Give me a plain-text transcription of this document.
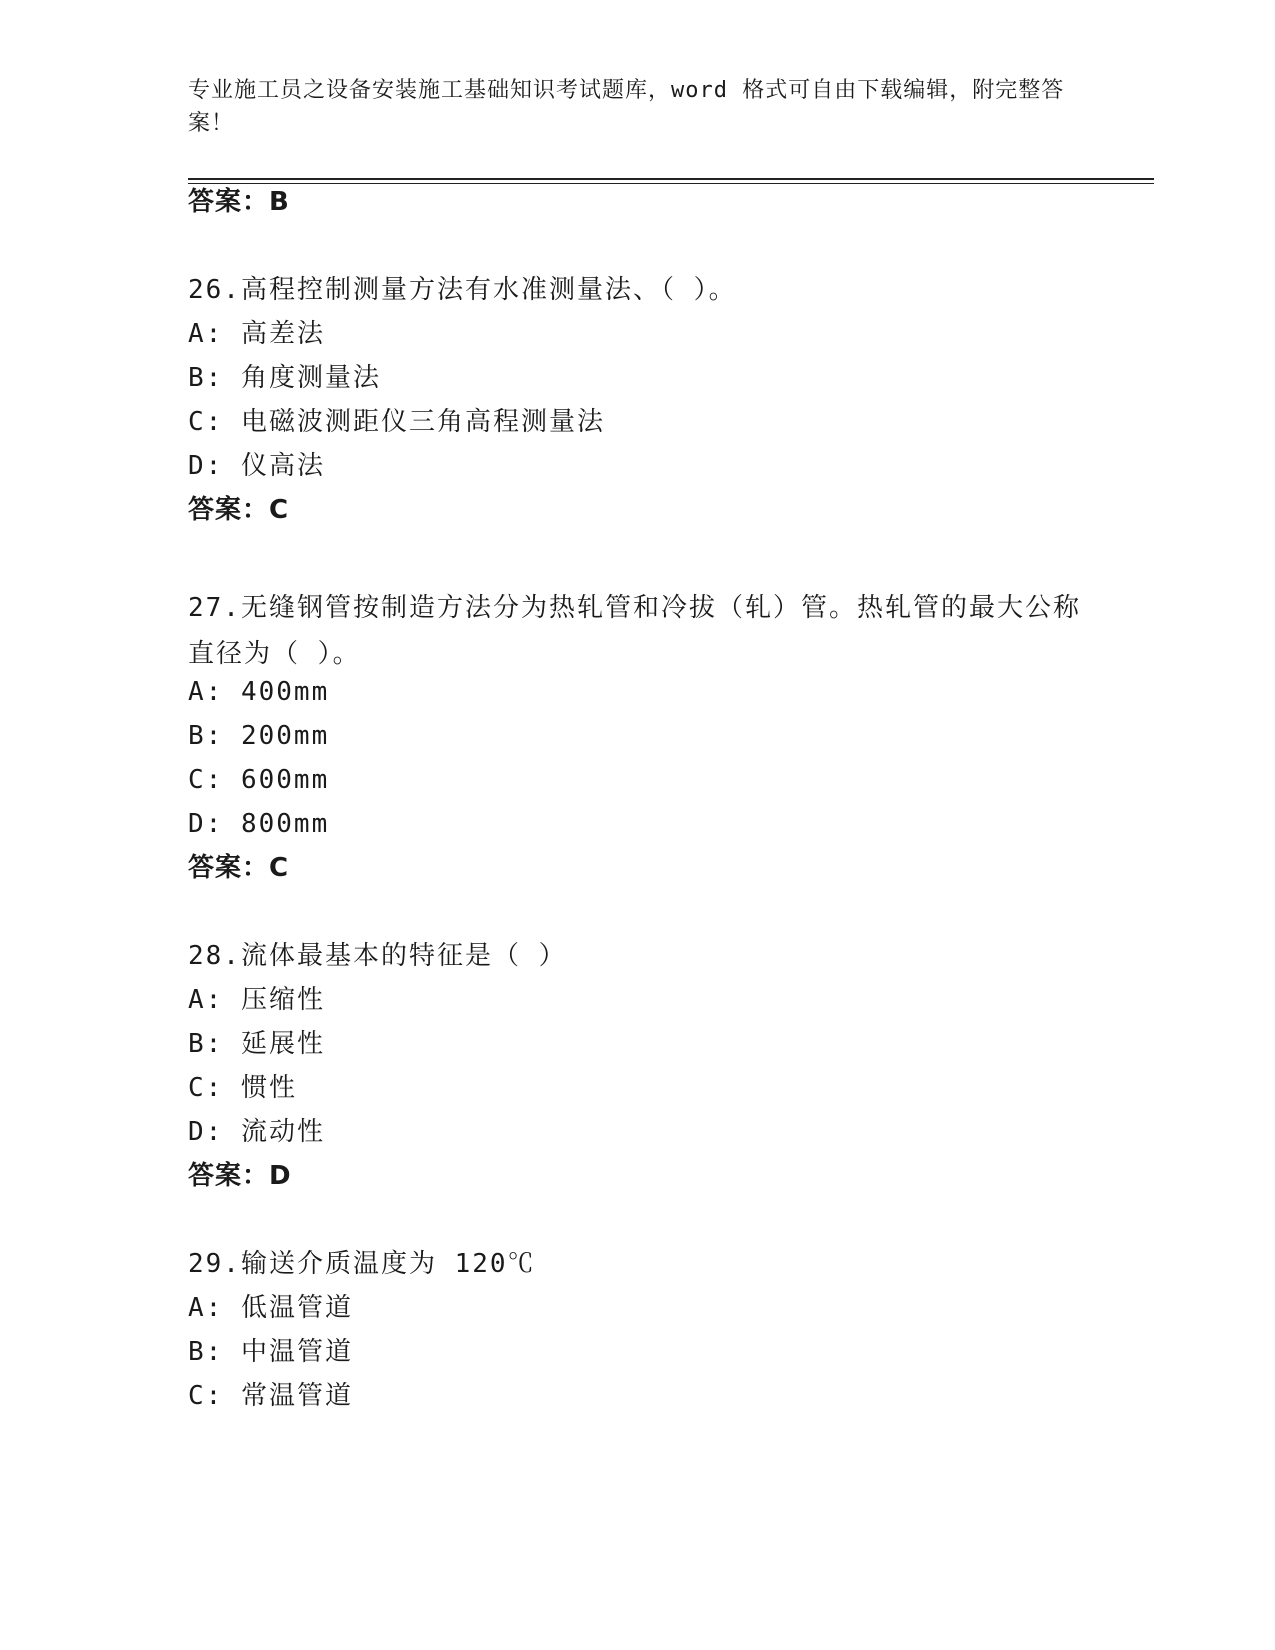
专业施工员之设备安装施工基础知识考试题库，word 格式可自由下载编辑，附完整答案！
答案：B
26.高程控制测量方法有水准测量法、（ ）。
A: 高差法
B: 角度测量法
C: 电磁波测距仪三角高程测量法
D: 仪高法
答案：C
27.无缝钢管按制造方法分为热轧管和冷拔（轧）管。热轧管的最大公称直径为（ ）。
A: 400mm
B: 200mm
C: 600mm
D: 800mm
答案：C
28.流体最基本的特征是（ ）
A: 压缩性
B: 延展性
C: 惯性
D: 流动性
答案：D
29.输送介质温度为 120℃
A: 低温管道
B: 中温管道
C: 常温管道
